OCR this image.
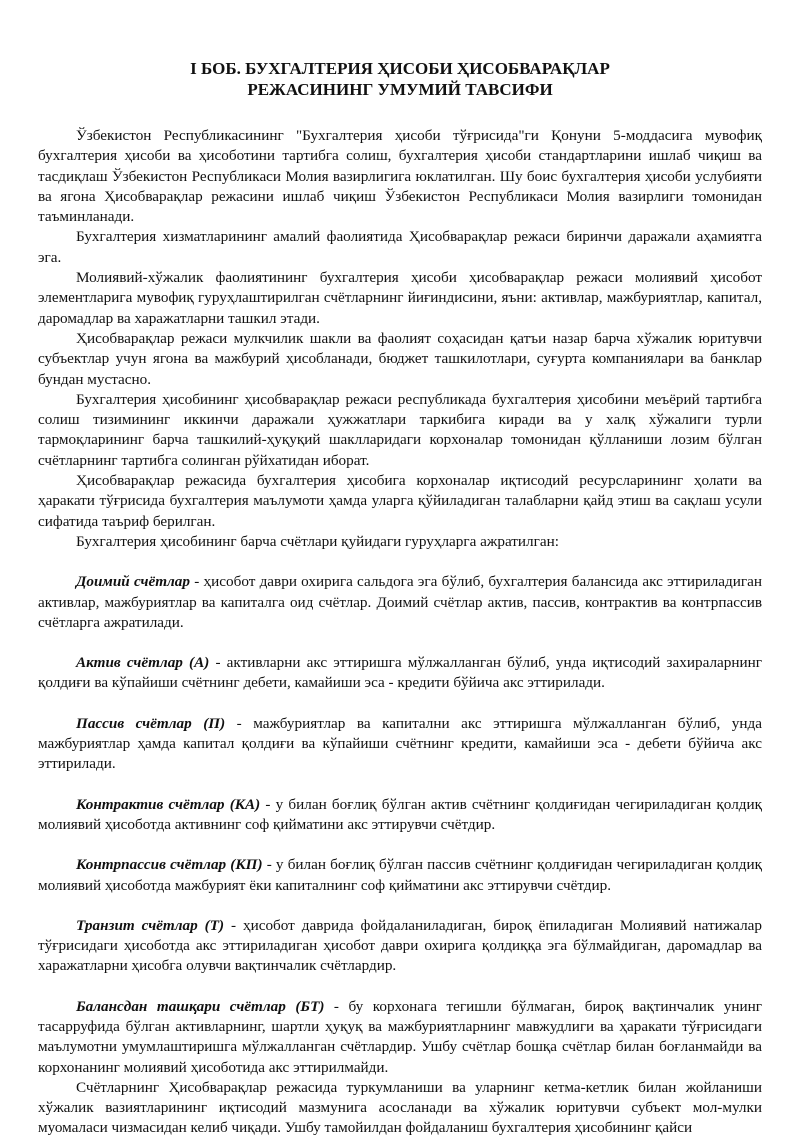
I БОБ. БУХГАЛТЕРИЯ ҲИСОБИ ҲИСОБВАРАҚЛАР
РЕЖАСИНИНГ УМУМИЙ ТАВСИФИ

Ўзбекистон Республикасининг "Бухгалтерия ҳисоби тўғрисида"ги Қонуни 5-моддасига мувофиқ бухгалтерия ҳисоби ва ҳисоботини тартибга солиш, бухгалтерия ҳисоби стандартларини ишлаб чиқиш ва тасдиқлаш Ўзбекистон Республикаси Молия вазирлигига юклатилган. Шу боис бухгалтерия ҳисоби услубияти ва ягона Ҳисобварақлар режасини ишлаб чиқиш Ўзбекистон Республикаси Молия вазирлиги томонидан таъминланади.

Бухгалтерия хизматларининг амалий фаолиятида Ҳисобварақлар режаси биринчи даражали аҳамиятга эга.

Молиявий-хўжалик фаолиятининг бухгалтерия ҳисоби ҳисобварақлар режаси молиявий ҳисобот элементларига мувофиқ гуруҳлаштирилган счётларнинг йиғиндисини, яъни: активлар, мажбуриятлар, капитал, даромадлар ва харажатларни ташкил этади.

Ҳисобварақлар режаси мулкчилик шакли ва фаолият соҳасидан қатъи назар барча хўжалик юритувчи субъектлар учун ягона ва мажбурий ҳисобланади, бюджет ташкилотлари, суғурта компаниялари ва банклар бундан мустасно.

Бухгалтерия ҳисобининг ҳисобварақлар режаси республикада бухгалтерия ҳисобини меъёрий тартибга солиш тизимининг иккинчи даражали ҳужжатлари таркибига киради ва у халқ хўжалиги турли тармоқларининг барча ташкилий-ҳуқуқий шаклларидаги корхоналар томонидан қўлланиши лозим бўлган счётларнинг тартибга солинган рўйхатидан иборат.

Ҳисобварақлар режасида бухгалтерия ҳисобига корхоналар иқтисодий ресурсларининг ҳолати ва ҳаракати тўғрисида бухгалтерия маълумоти ҳамда уларга қўйиладиган талабларни қайд этиш ва сақлаш усули сифатида таъриф берилган.

Бухгалтерия ҳисобининг барча счётлари қуйидаги гуруҳларга ажратилган:

Доимий счётлар - ҳисобот даври охирига сальдога эга бўлиб, бухгалтерия балансида акс эттириладиган активлар, мажбуриятлар ва капиталга оид счётлар. Доимий счётлар актив, пассив, контрактив ва контрпассив счётларга ажратилади.

Актив счётлар (А) - активларни акс эттиришга мўлжалланган бўлиб, унда иқтисодий захираларнинг қолдиғи ва кўпайиши счётнинг дебети, камайиши эса - кредити бўйича акс эттирилади.

Пассив счётлар (П) - мажбуриятлар ва капитални акс эттиришга мўлжалланган бўлиб, унда мажбуриятлар ҳамда капитал қолдиғи ва кўпайиши счётнинг кредити, камайиши эса - дебети бўйича акс эттирилади.

Контрактив счётлар (КА) - у билан боғлиқ бўлган актив счётнинг қолдиғидан чегириладиган қолдиқ молиявий ҳисоботда активнинг соф қийматини акс эттирувчи счётдир.

Контрпассив счётлар (КП) - у билан боғлиқ бўлган пассив счётнинг қолдиғидан чегириладиган қолдиқ молиявий ҳисоботда мажбурият ёки капиталнинг соф қийматини акс эттирувчи счётдир.

Транзит счётлар (Т) - ҳисобот даврида фойдаланиладиган, бироқ ёпиладиган Молиявий натижалар тўғрисидаги ҳисоботда акс эттириладиган ҳисобот даври охирига қолдиққа эга бўлмайдиган, даромадлар ва харажатларни ҳисобга олувчи вақтинчалик счётлардир.

Балансдан ташқари счётлар (БТ) - бу корхонага тегишли бўлмаган, бироқ вақтинчалик унинг тасарруфида бўлган активларнинг, шартли ҳуқуқ ва мажбуриятларнинг мавжудлиги ва ҳаракати тўғрисидаги маълумотни умумлаштиришга мўлжалланган счётлардир. Ушбу счётлар бошқа счётлар билан боғланмайди ва корхонанинг молиявий ҳисоботида акс эттирилмайди.

Счётларнинг Ҳисобварақлар режасида туркумланиши ва уларнинг кетма-кетлик билан жойланиши хўжалик вазиятларининг иқтисодий мазмунига асосланади ва хўжалик юритувчи субъект мол-мулки муомаласи чизмасидан келиб чиқади. Ушбу тамойилдан фойдаланиш бухгалтерия ҳисобининг қайси
